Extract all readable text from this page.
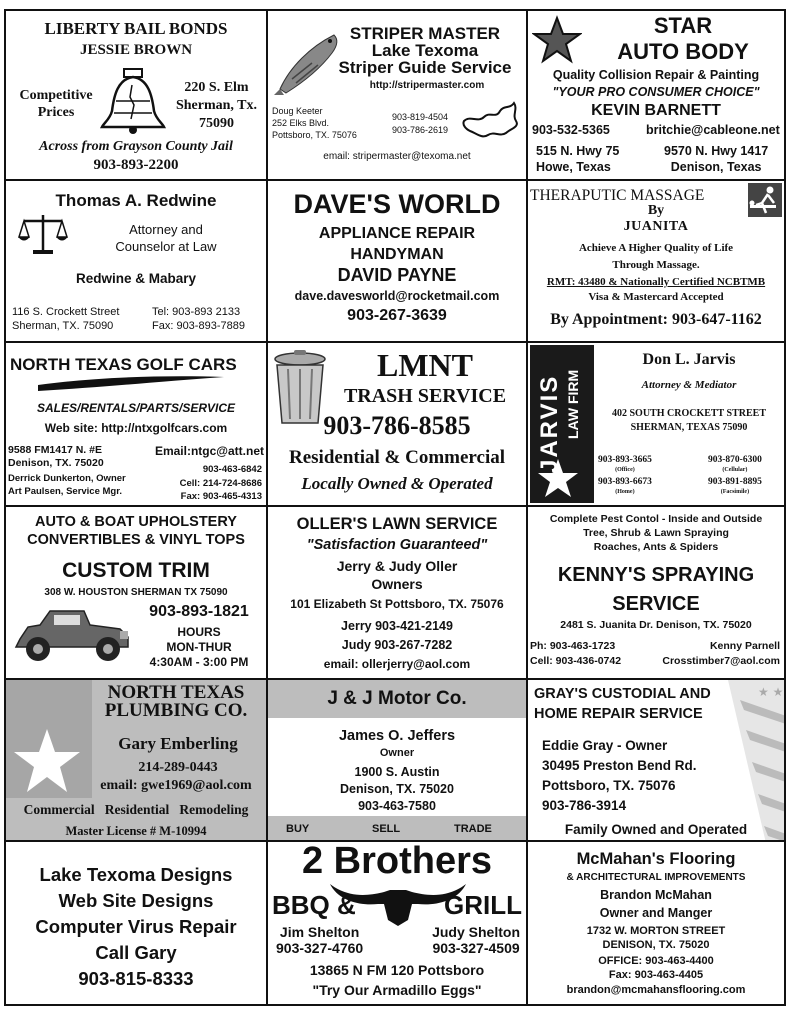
LIBERTY BAIL BONDS
JESSIE BROWN
Competitive
Prices
220 S. Elm
Sherman, Tx.
75090
Across from Grayson County Jail
903-893-2200
STRIPER MASTER
Lake Texoma
Striper Guide Service
http://stripermaster.com
Doug Keeter
252 Elks Blvd.
Pottsboro, TX. 75076
903-819-4504
903-786-2619
email: stripermaster@texoma.net
STAR
AUTO BODY
Quality Collision Repair & Painting
"YOUR PRO CONSUMER CHOICE"
KEVIN BARNETT
903-532-5365	britchie@cableone.net
515 N. Hwy 75
Howe, Texas
9570 N. Hwy 1417
Denison, Texas
Thomas A. Redwine
Attorney and
Counselor at Law
Redwine & Mabary
116 S. Crockett Street
Sherman, TX. 75090
Tel: 903-893 2133
Fax: 903-893-7889
DAVE'S WORLD
APPLIANCE REPAIR
HANDYMAN
DAVID PAYNE
dave.davesworld@rocketmail.com
903-267-3639
THERAPUTIC MASSAGE
By
JUANITA
Achieve A Higher Quality of Life
Through Massage.
RMT: 43480 & Nationally Certified NCBTMB
Visa & Mastercard Accepted
By Appointment: 903-647-1162
NORTH TEXAS GOLF CARS
SALES/RENTALS/PARTS/SERVICE
Web site: http://ntxgolfcars.com
9588 FM1417 N. #E
Denison, TX. 75020
Email:ntgc@att.net
903-463-6842
Derrick Dunkerton, Owner
Art Paulsen, Service Mgr.
Cell: 214-724-8686
Fax: 903-465-4313
LMNT
TRASH SERVICE
903-786-8585
Residential & Commercial
Locally Owned & Operated
JARVIS LAW FIRM
Don L. Jarvis
Attorney & Mediator
402 SOUTH CROCKETT STREET
SHERMAN, TEXAS 75090
903-893-3665
(Office)
903-870-6300
(Cellular)
903-893-6673
(Home)
903-891-8895
(Facsimile)
AUTO & BOAT UPHOLSTERY
CONVERTIBLES & VINYL TOPS
CUSTOM TRIM
308 W. HOUSTON SHERMAN TX 75090
903-893-1821
HOURS
MON-THUR
4:30AM - 3:00 PM
OLLER'S LAWN SERVICE
"Satisfaction Guaranteed"
Jerry & Judy Oller
Owners
101 Elizabeth St Pottsboro, TX. 75076
Jerry 903-421-2149
Judy 903-267-7282
email: ollerjerry@aol.com
Complete Pest Contol - Inside and Outside
Tree, Shrub & Lawn Spraying
Roaches, Ants & Spiders
KENNY'S SPRAYING
SERVICE
2481 S. Juanita Dr. Denison, TX. 75020
Ph: 903-463-1723
Cell: 903-436-0742
Kenny Parnell
Crosstimber7@aol.com
NORTH TEXAS
PLUMBING CO.
Gary Emberling
214-289-0443
email: gwe1969@aol.com
Commercial   Residential   Remodeling
Master License # M-10994
J & J Motor Co.
James O. Jeffers
Owner
1900 S. Austin
Denison, TX. 75020
903-463-7580
BUY	SELL	TRADE
★ ★
GRAY'S CUSTODIAL AND
HOME REPAIR SERVICE
Eddie Gray - Owner
30495 Preston Bend Rd.
Pottsboro, TX. 75076
903-786-3914
Family Owned and Operated
Lake Texoma Designs
Web Site Designs
Computer Virus Repair
Call Gary
903-815-8333
2 Brothers
BBQ &	GRILL
Jim Shelton
903-327-4760
Judy Shelton
903-327-4509
13865 N FM 120 Pottsboro
"Try Our Armadillo Eggs"
McMahan's Flooring
& ARCHITECTURAL IMPROVEMENTS
Brandon McMahan
Owner and Manger
1732 W. MORTON STREET
DENISON, TX. 75020
OFFICE: 903-463-4400
Fax: 903-463-4405
brandon@mcmahansflooring.com
